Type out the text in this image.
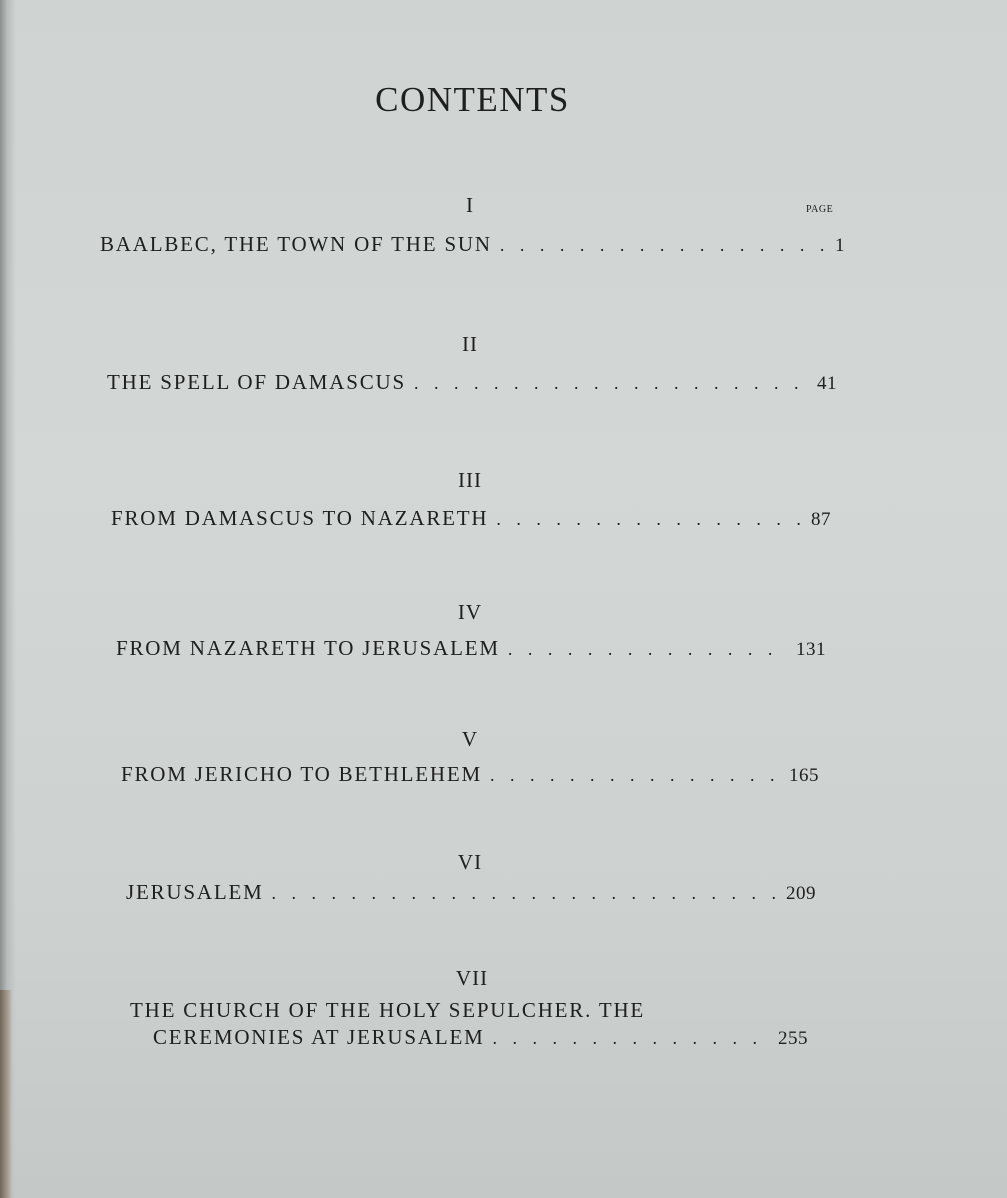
CONTENTS
PAGE
I
BAALBEC, THE TOWN OF THE SUN . . .	1
II
THE SPELL OF DAMASCUS . . .	41
III
FROM DAMASCUS TO NAZARETH . . .	87
IV
FROM NAZARETH TO JERUSALEM . . .	131
V
FROM JERICHO TO BETHLEHEM . . .	165
VI
JERUSALEM . . .	209
VII
THE CHURCH OF THE HOLY SEPULCHER. THE
CEREMONIES AT JERUSALEM . . .	255
